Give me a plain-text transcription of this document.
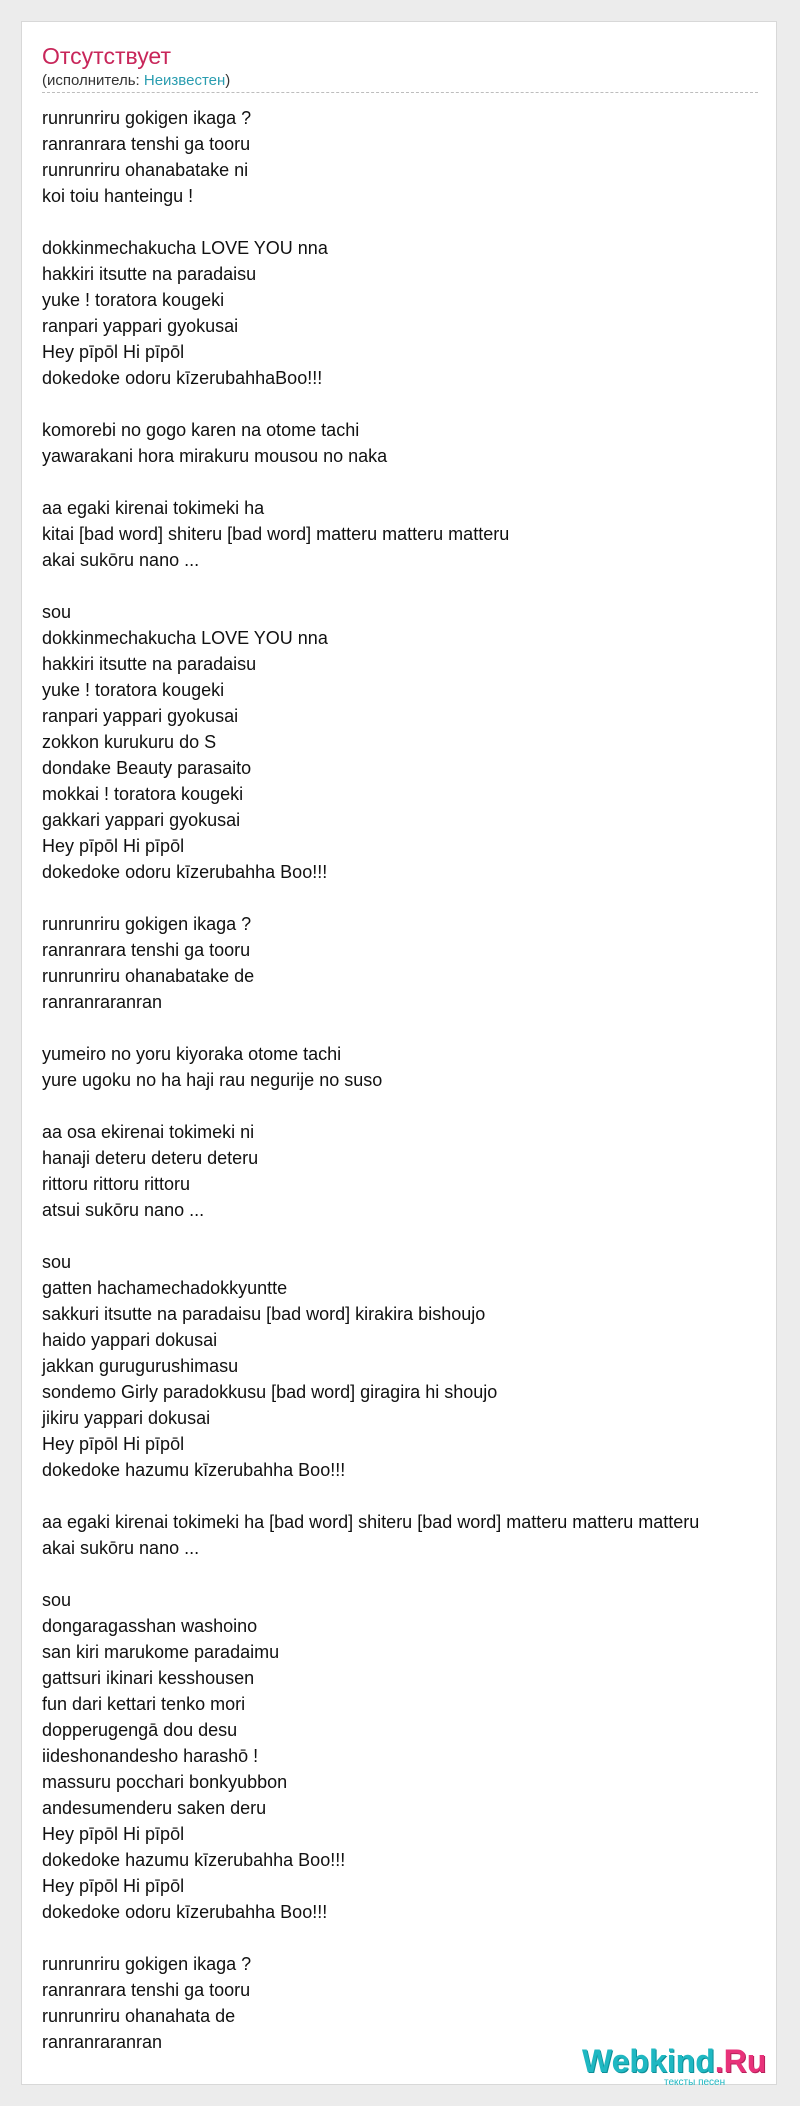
Отсутствует
(исполнитель: Неизвестен)
runrunriru gokigen ikaga ?
ranranrara tenshi ga tooru
runrunriru ohanabatake ni
koi toiu hanteingu !
dokkinmechakucha LOVE YOU nna
hakkiri itsutte na paradaisu
yuke ! toratora kougeki
ranpari yappari gyokusai
Hey pīpōl Hi pīpōl
dokedoke odoru kīzerubahhaBoo!!!
komorebi no gogo karen na otome tachi
yawarakani hora mirakuru mousou no naka
aa egaki kirenai tokimeki ha
kitai [bad word] shiteru [bad word] matteru matteru matteru
akai sukōru nano ...
sou
dokkinmechakucha LOVE YOU nna
hakkiri itsutte na paradaisu
yuke ! toratora kougeki
ranpari yappari gyokusai
zokkon kurukuru do S
dondake Beauty parasaito
mokkai ! toratora kougeki
gakkari yappari gyokusai
Hey pīpōl Hi pīpōl
dokedoke odoru kīzerubahha Boo!!!
runrunriru gokigen ikaga ?
ranranrara tenshi ga tooru
runrunriru ohanabatake de
ranranraranran
yumeiro no yoru kiyoraka otome tachi
yure ugoku no ha haji rau negurije no suso
aa osa ekirenai tokimeki ni
hanaji deteru deteru deteru
rittoru rittoru rittoru
atsui sukōru nano ...
sou
gatten hachamechadokkyuntte
sakkuri itsutte na paradaisu [bad word] kirakira bishoujo
haido yappari dokusai
jakkan gurugurushimasu
sondemo Girly paradokkusu [bad word] giragira hi shoujo
jikiru yappari dokusai
Hey pīpōl Hi pīpōl
dokedoke hazumu kīzerubahha Boo!!!
aa egaki kirenai tokimeki ha [bad word] shiteru [bad word] matteru matteru matteru
akai sukōru nano ...
sou
dongaragasshan washoino
san kiri marukome paradaimu
gattsuri ikinari kesshousen
fun dari kettari tenko mori
dopperugengā dou desu
iideshonandesho harashō !
massuru pocchari bonkyubbon
andesumenderu saken deru
Hey pīpōl Hi pīpōl
dokedoke hazumu kīzerubahha Boo!!!
Hey pīpōl Hi pīpōl
dokedoke odoru kīzerubahha Boo!!!
runrunriru gokigen ikaga ?
ranranrara tenshi ga tooru
runrunriru ohanahata de
ranranraranran
Webkind.Ru
тексты песен
